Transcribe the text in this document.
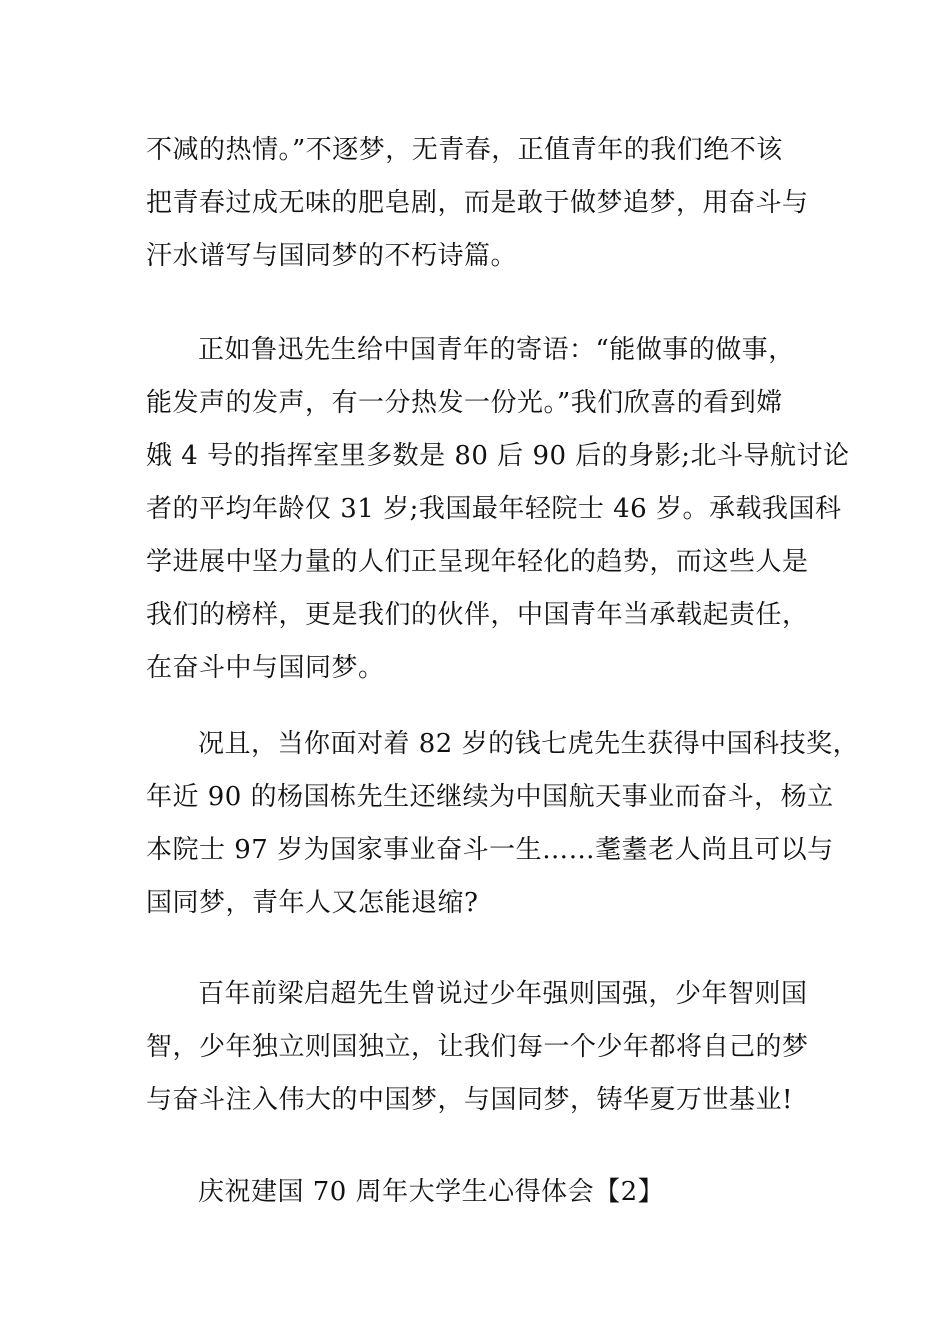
不减的热情。”不逐梦，无青春，正值青年的我们绝不该
把青春过成无味的肥皂剧，而是敢于做梦追梦，用奋斗与
汗水谱写与国同梦的不朽诗篇。
正如鲁迅先生给中国青年的寄语：“能做事的做事，
能发声的发声，有一分热发一份光。”我们欣喜的看到嫦
娥 4 号的指挥室里多数是 80 后 90 后的身影;北斗导航讨论
者的平均年龄仅 31 岁;我国最年轻院士 46 岁。承载我国科
学进展中坚力量的人们正呈现年轻化的趋势，而这些人是
我们的榜样，更是我们的伙伴，中国青年当承载起责任，
在奋斗中与国同梦。
况且，当你面对着 82 岁的钱七虎先生获得中国科技奖，
年近 90 的杨国栋先生还继续为中国航天事业而奋斗，杨立
本院士 97 岁为国家事业奋斗一生……耄耋老人尚且可以与
国同梦，青年人又怎能退缩?
百年前梁启超先生曾说过少年强则国强，少年智则国
智，少年独立则国独立，让我们每一个少年都将自己的梦
与奋斗注入伟大的中国梦，与国同梦，铸华夏万世基业!
庆祝建国 70 周年大学生心得体会【2】
